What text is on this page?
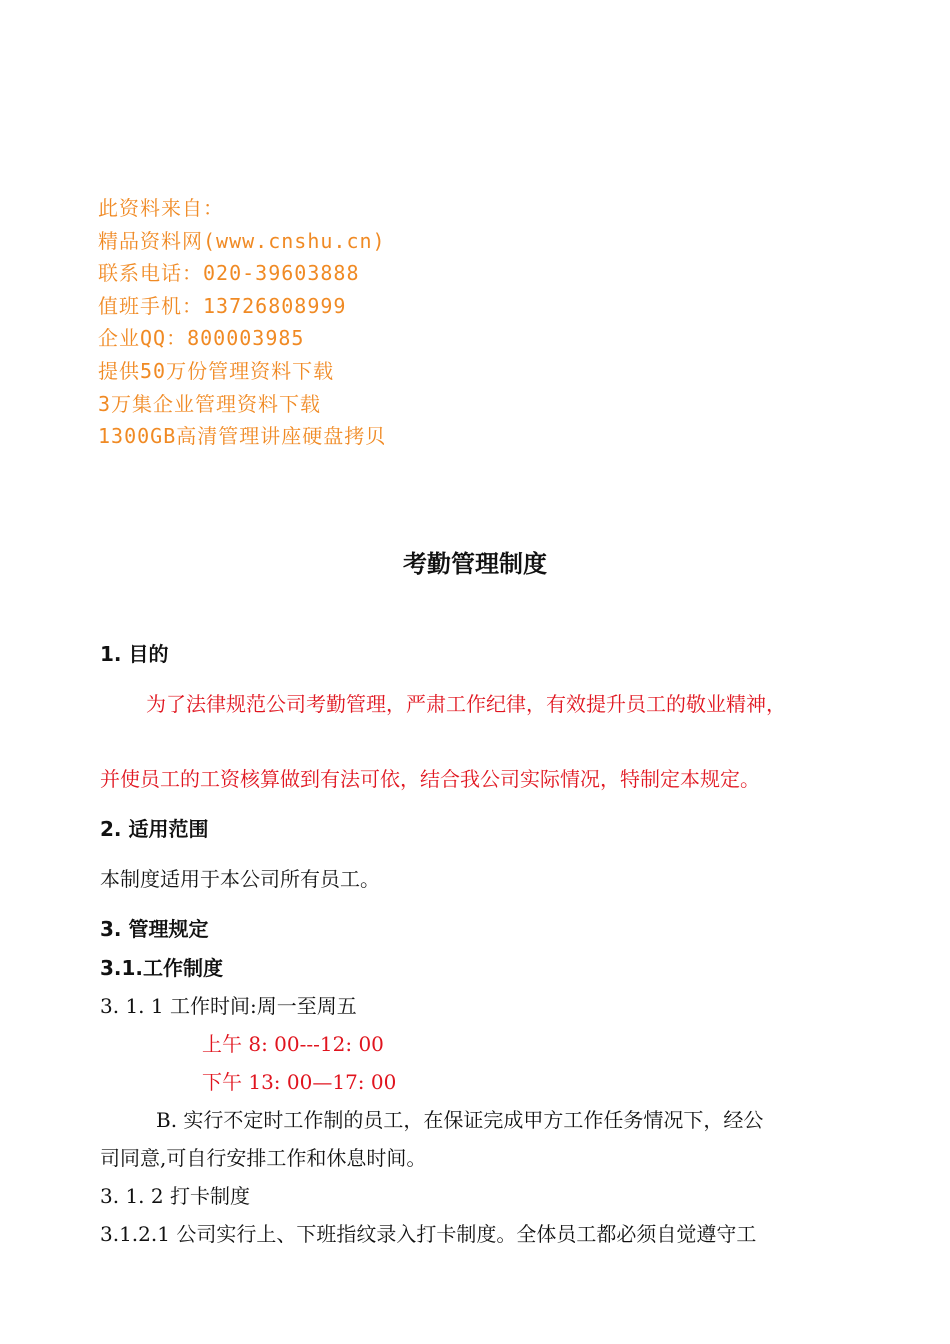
此资料来自：
精品资料网(www.cnshu.cn)
联系电话：020-39603888
值班手机：13726808999
企业QQ：800003985
提供50万份管理资料下载
3万集企业管理资料下载
1300GB高清管理讲座硬盘拷贝
考勤管理制度
1. 目的
为了法律规范公司考勤管理，严肃工作纪律，有效提升员工的敬业精神，
并使员工的工资核算做到有法可依，结合我公司实际情况，特制定本规定。
2. 适用范围
本制度适用于本公司所有员工。
3. 管理规定
3.1.工作制度
3. 1. 1 工作时间:周一至周五
上午 8: 00---12: 00
下午 13: 00—17: 00
B. 实行不定时工作制的员工，在保证完成甲方工作任务情况下，经公
司同意,可自行安排工作和休息时间。
3. 1. 2 打卡制度
3.1.2.1 公司实行上、下班指纹录入打卡制度。全体员工都必须自觉遵守工
